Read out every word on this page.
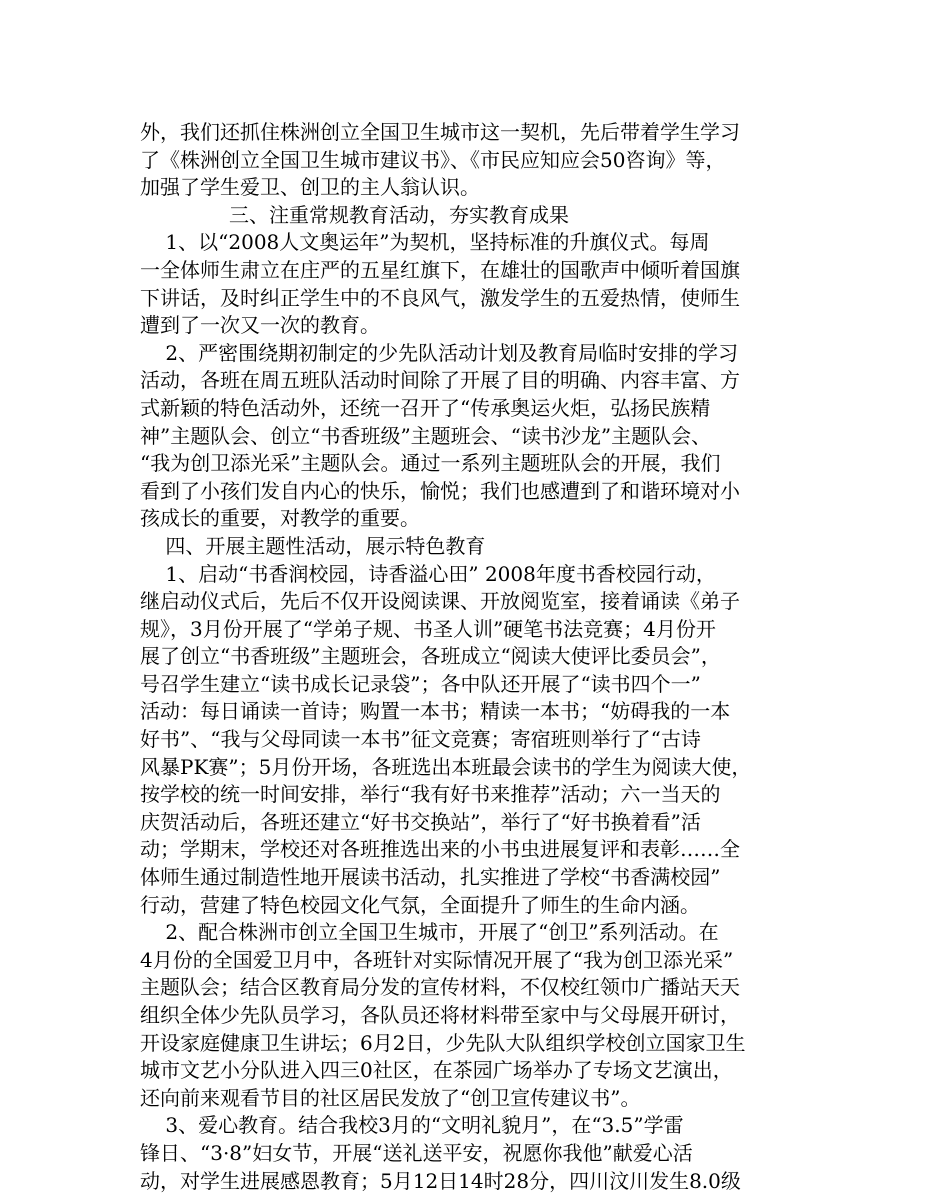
外，我们还抓住株洲创立全国卫生城市这一契机，先后带着学生学习
了《株洲创立全国卫生城市建议书》、《市民应知应会50咨询》等，
加强了学生爱卫、创卫的主人翁认识。
三、注重常规教育活动，夯实教育成果
1、以“2008人文奥运年”为契机，坚持标准的升旗仪式。每周
一全体师生肃立在庄严的五星红旗下，在雄壮的国歌声中倾听着国旗
下讲话，及时纠正学生中的不良风气，激发学生的五爱热情，使师生
遭到了一次又一次的教育。
2、严密围绕期初制定的少先队活动计划及教育局临时安排的学习
活动，各班在周五班队活动时间除了开展了目的明确、内容丰富、方
式新颖的特色活动外，还统一召开了“传承奥运火炬，弘扬民族精
神”主题队会、创立“书香班级”主题班会、“读书沙龙”主题队会、
“我为创卫添光采”主题队会。通过一系列主题班队会的开展，我们
看到了小孩们发自内心的快乐，愉悦；我们也感遭到了和谐环境对小
孩成长的重要，对教学的重要。
四、开展主题性活动，展示特色教育
1、启动“书香润校园，诗香溢心田” 2008年度书香校园行动，
继启动仪式后，先后不仅开设阅读课、开放阅览室，接着诵读《弟子
规》，3月份开展了“学弟子规、书圣人训”硬笔书法竞赛；4月份开
展了创立“书香班级”主题班会，各班成立“阅读大使评比委员会”，
号召学生建立“读书成长记录袋”；各中队还开展了“读书四个一”
活动：每日诵读一首诗；购置一本书；精读一本书；“妨碍我的一本
好书”、“我与父母同读一本书”征文竞赛；寄宿班则举行了“古诗
风暴PK赛”；5月份开场，各班选出本班最会读书的学生为阅读大使，
按学校的统一时间安排，举行“我有好书来推荐”活动；六一当天的
庆贺活动后，各班还建立“好书交换站”，举行了“好书换着看”活
动；学期末，学校还对各班推选出来的小书虫进展复评和表彰……全
体师生通过制造性地开展读书活动，扎实推进了学校“书香满校园”
行动，营建了特色校园文化气氛，全面提升了师生的生命内涵。
2、配合株洲市创立全国卫生城市，开展了“创卫”系列活动。在
4月份的全国爱卫月中，各班针对实际情况开展了“我为创卫添光采”
主题队会；结合区教育局分发的宣传材料，不仅校红领巾广播站天天
组织全体少先队员学习，各队员还将材料带至家中与父母展开研讨，
开设家庭健康卫生讲坛；6月2日，少先队大队组织学校创立国家卫生
城市文艺小分队进入四三0社区，在茶园广场举办了专场文艺演出，
还向前来观看节目的社区居民发放了“创卫宣传建议书”。
3、爱心教育。结合我校3月的“文明礼貌月”，在“3.5”学雷
锋日、“3·8”妇女节，开展“送礼送平安，祝愿你我他”献爱心活
动，对学生进展感恩教育；5月12日14时28分，四川汶川发生8.0级
